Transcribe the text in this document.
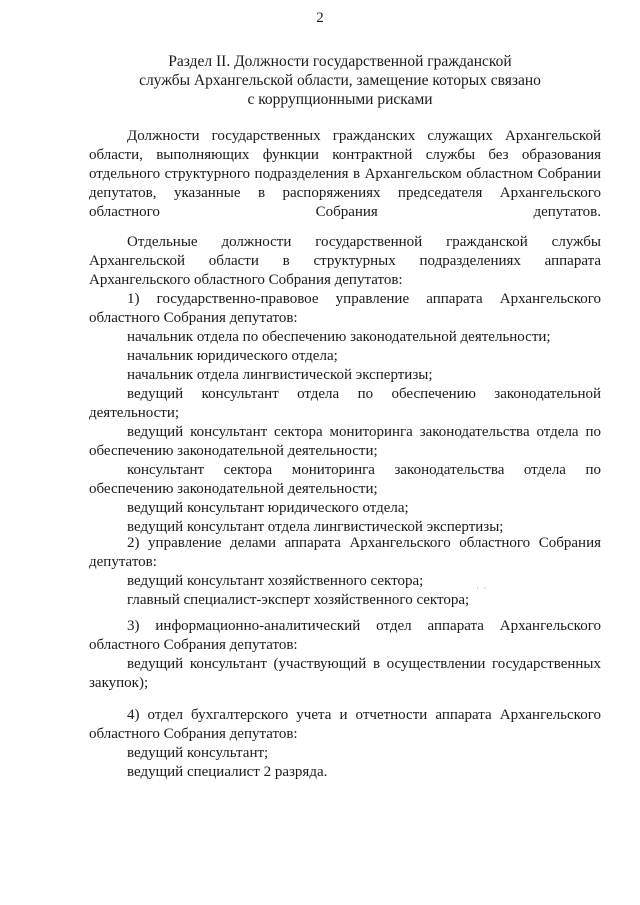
2
Раздел II. Должности государственной гражданской
службы Архангельской области, замещение которых связано
с коррупционными рисками

Должности государственных гражданских служащих Архангельской области, выполняющих функции контрактной службы без образования отдельного структурного подразделения в Архангельском областном Собрании депутатов, указанные в распоряжениях председателя Архангельского областного Собрания депутатов.

Отдельные должности государственной гражданской службы Архангельской области в структурных подразделениях аппарата Архангельского областного Собрания депутатов:

1) государственно-правовое управление аппарата Архангельского областного Собрания депутатов:

начальник отдела по обеспечению законодательной деятельности;
начальник юридического отдела;
начальник отдела лингвистической экспертизы;

ведущий консультант отдела по обеспечению законодательной деятельности;

ведущий консультант сектора мониторинга законодательства отдела по обеспечению законодательной деятельности;

консультант сектора мониторинга законодательства отдела по обеспечению законодательной деятельности;

ведущий консультант юридического отдела;
ведущий консультант отдела лингвистической экспертизы;

2) управление делами аппарата Архангельского областного Собрания депутатов:

ведущий консультант хозяйственного сектора;
главный специалист-эксперт хозяйственного сектора;
· ·

3) информационно-аналитический отдел аппарата Архангельского областного Собрания депутатов:

ведущий консультант (участвующий в осуществлении государственных закупок);

4) отдел бухгалтерского учета и отчетности аппарата Архангельского областного Собрания депутатов:

ведущий консультант;
ведущий специалист 2 разряда.
